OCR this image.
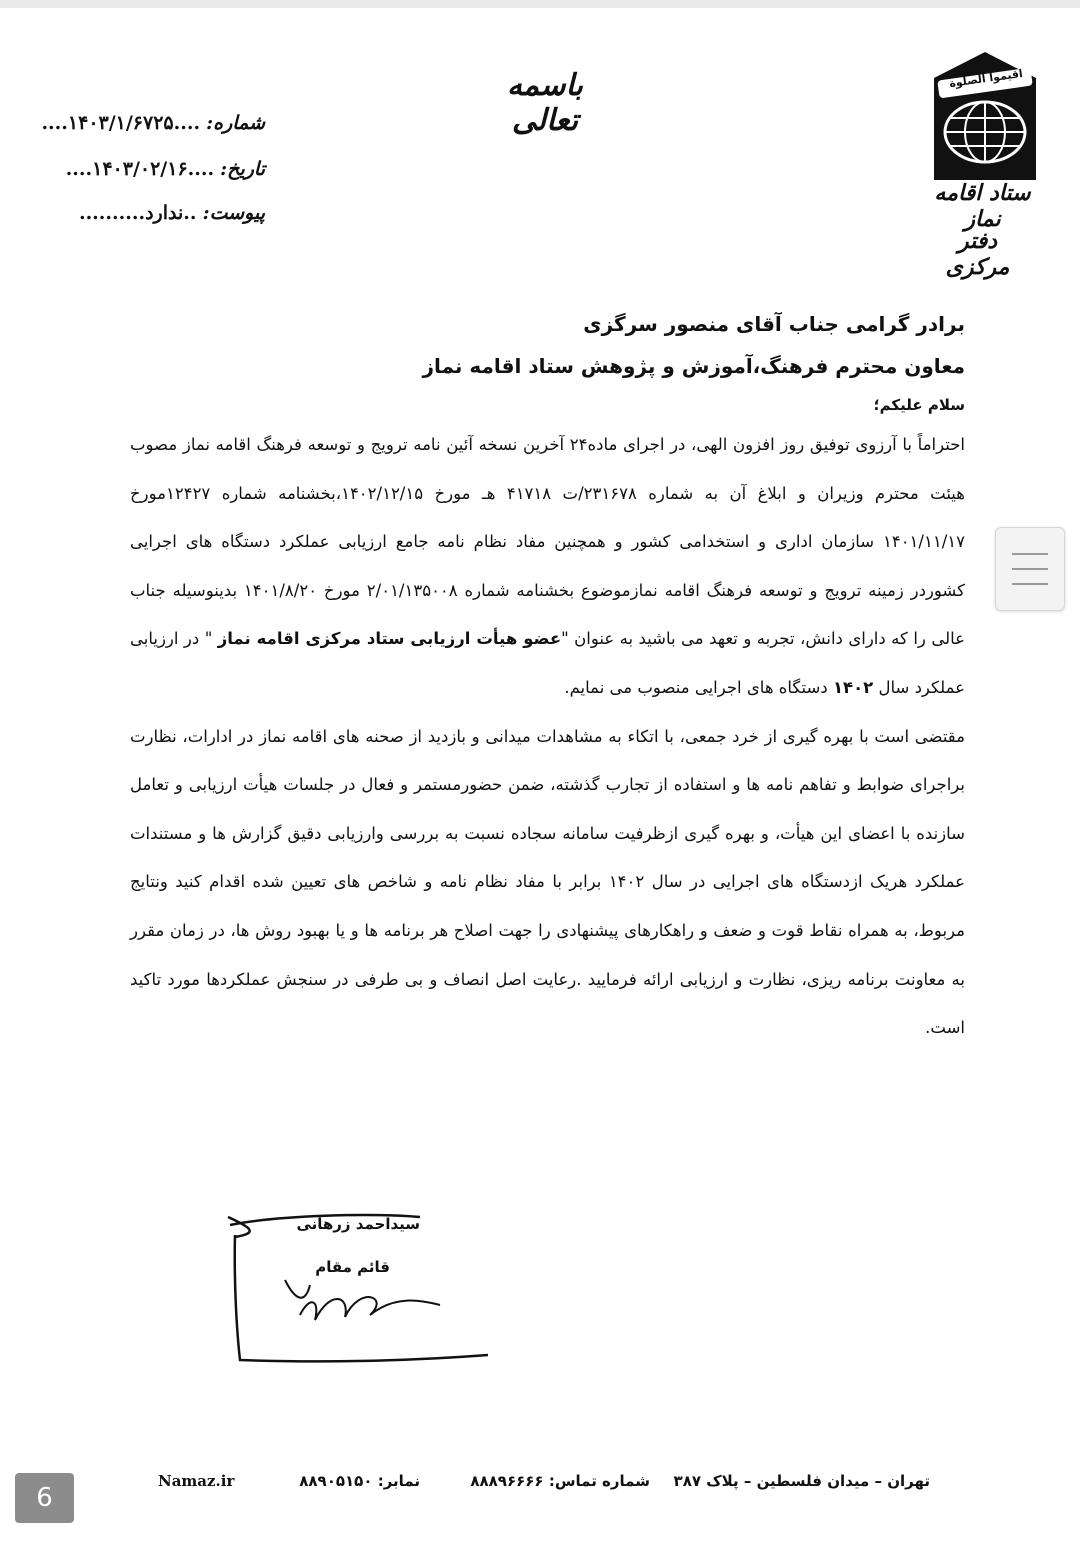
اقیموا الصلوة
ستاد اقامه نماز
دفتر مرکزی
باسمه تعالی
شماره: ....۱۴۰۳/۱/۶۷۲۵....
تاریخ: ....۱۴۰۳/۰۲/۱۶....
پیوست: ..ندارد..........
برادر گرامی جناب آقای منصور سرگزی
معاون محترم فرهنگ،آموزش و پژوهش ستاد اقامه نماز
سلام علیکم؛

احتراماً با آرزوی توفیق روز افزون الهی، در اجرای ماده۲۴ آخرین نسخه آئین نامه ترویج و توسعه فرهنگ اقامه نماز مصوب هیئت محترم وزیران و ابلاغ آن به شماره ۲۳۱۶۷۸/ت ۴۱۷۱۸ هـ مورخ ۱۴۰۲/۱۲/۱۵،بخشنامه شماره ۱۲۴۲۷مورخ ۱۴۰۱/۱۱/۱۷ سازمان اداری و استخدامی کشور و همچنین مفاد نظام نامه جامع ارزیابی عملکرد دستگاه های اجرایی کشوردر زمینه ترویج و توسعه فرهنگ اقامه نمازموضوع بخشنامه شماره ۲/۰۱/۱۳۵۰۰۸ مورخ ۱۴۰۱/۸/۲۰ بدینوسیله جناب عالی را که دارای دانش، تجربه و تعهد می باشید به عنوان "عضو هیأت ارزیابی ستاد مرکزی اقامه نماز " در ارزیابی عملکرد سال ۱۴۰۲ دستگاه های اجرایی منصوب می نمایم.

مقتضی است با بهره گیری از خرد جمعی، با اتکاء به مشاهدات میدانی و بازدید از صحنه های اقامه نماز در ادارات، نظارت براجرای ضوابط و تفاهم نامه ها و استفاده از تجارب گذشته، ضمن حضورمستمر و فعال در جلسات هیأت ارزیابی و تعامل سازنده با اعضای این هیأت، و بهره گیری ازظرفیت سامانه سجاده نسبت به بررسی وارزیابی دقیق گزارش ها و مستندات عملکرد هریک ازدستگاه های اجرایی در سال ۱۴۰۲ برابر با مفاد نظام نامه و شاخص های تعیین شده اقدام کنید ونتایج مربوط، به همراه نقاط قوت و ضعف و راهکارهای پیشنهادی را جهت اصلاح هر برنامه ها و یا بهبود روش ها، در زمان مقرر به معاونت برنامه ریزی، نظارت و ارزیابی ارائه فرمایید .رعایت اصل انصاف و بی طرفی در سنجش عملکردها مورد تاکید است.

سیداحمد زرهانی
قائم مقام
تهران – میدان فلسطین – پلاک ۳۸۷
شماره تماس: ۸۸۸۹۶۶۶۶
نمابر: ۸۸۹۰۵۱۵۰
Namaz.ir
6
